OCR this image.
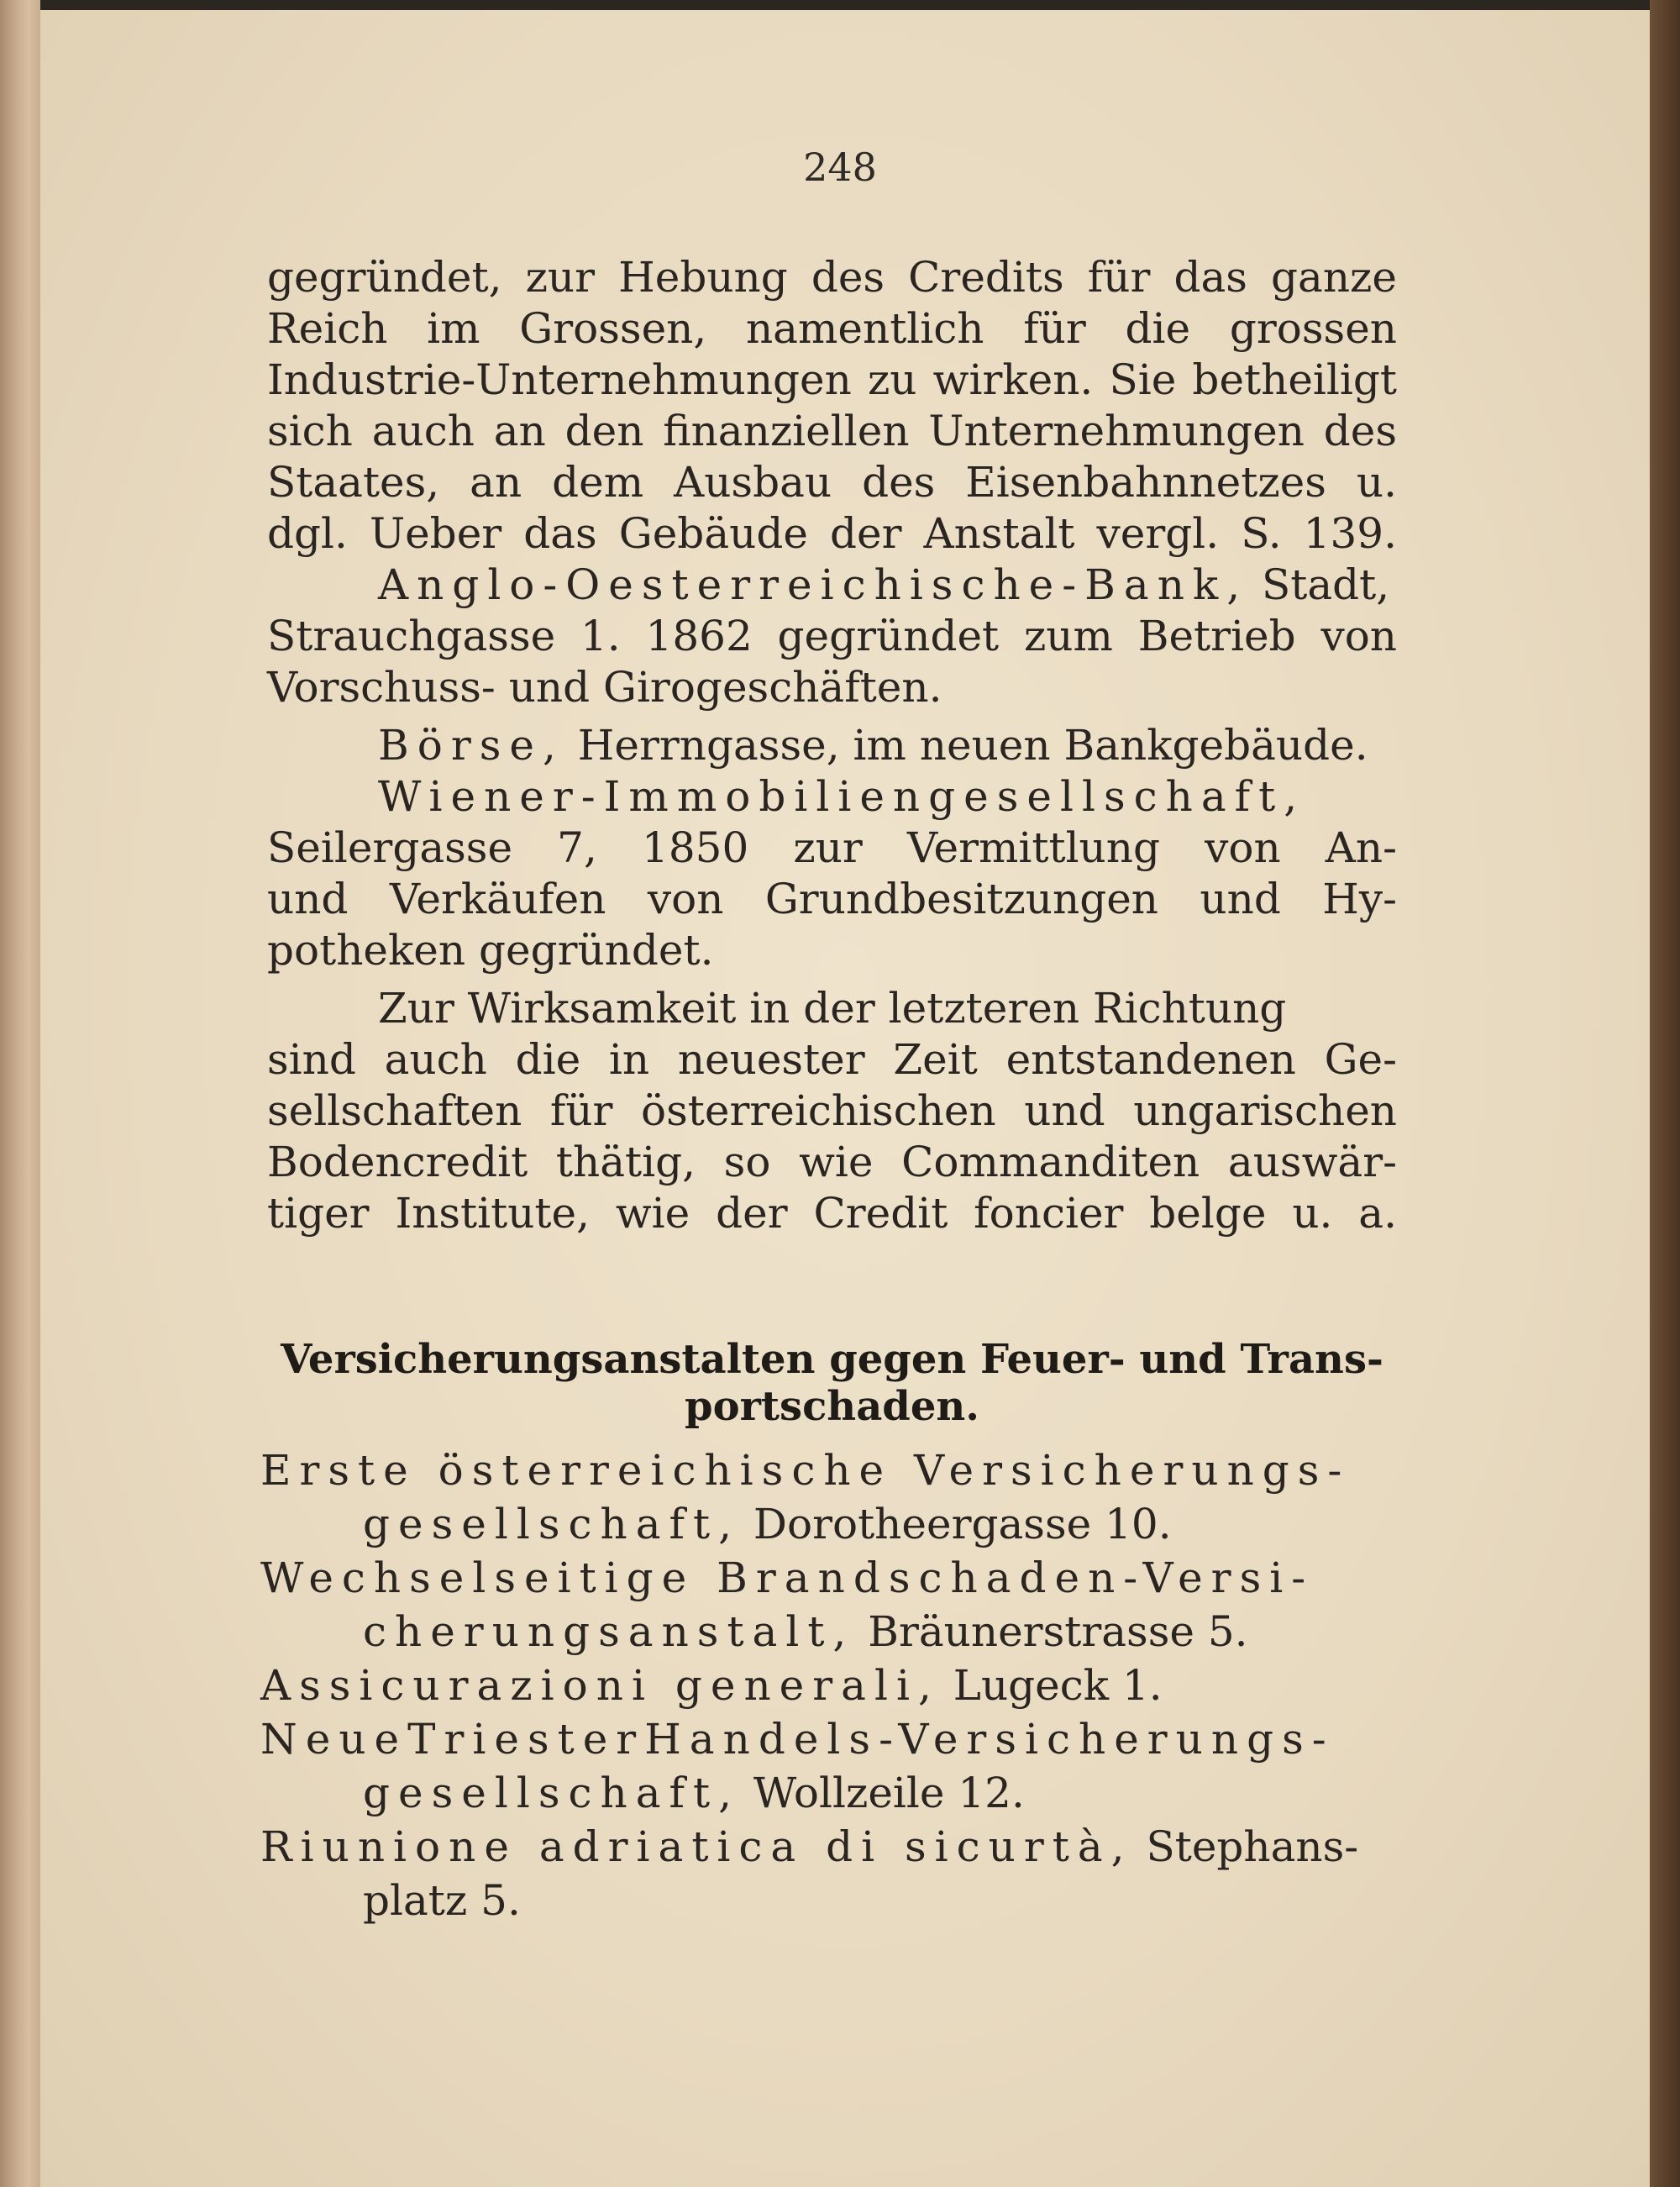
248
gegründet, zur Hebung des Credits für das ganze
Reich im Grossen, namentlich für die grossen
Industrie-Unternehmungen zu wirken. Sie betheiligt
sich auch an den finanziellen Unternehmungen des
Staates, an dem Ausbau des Eisenbahnnetzes u.
dgl. Ueber das Gebäude der Anstalt vergl. S. 139.
Anglo-Oesterreichische-Bank, Stadt,
Strauchgasse 1. 1862 gegründet zum Betrieb von
Vorschuss- und Girogeschäften.
Börse, Herrngasse, im neuen Bankgebäude.
Wiener-Immobiliengesellschaft,
Seilergasse 7, 1850 zur Vermittlung von An-
und Verkäufen von Grundbesitzungen und Hy-
potheken gegründet.
Zur Wirksamkeit in der letzteren Richtung
sind auch die in neuester Zeit entstandenen Ge-
sellschaften für österreichischen und ungarischen
Bodencredit thätig, so wie Commanditen auswär-
tiger Institute, wie der Credit foncier belge u. a.
Versicherungsanstalten gegen Feuer- und Trans-
portschaden.
Erste österreichische Versicherungs-
gesellschaft, Dorotheergasse 10.
Wechselseitige Brandschaden-Versi-
cherungsanstalt, Bräunerstrasse 5.
Assicurazioni generali, Lugeck 1.
NeueTriesterHandels-Versicherungs-
gesellschaft, Wollzeile 12.
Riunione adriatica di sicurtà, Stephans-
platz 5.
